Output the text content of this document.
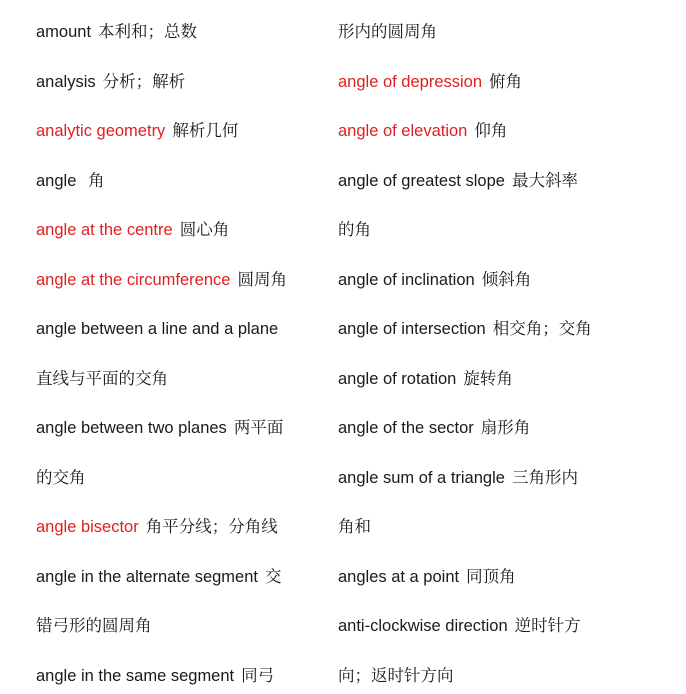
amount 本利和；总数
analysis 分析；解析
analytic geometry 解析几何
angle 角
angle at the centre 圆心角
angle at the circumference 圆周角
angle between a line and a plane
直线与平面的交角
angle between two planes 两平面
的交角
angle bisector 角平分线；分角线
angle in the alternate segment 交
错弓形的圆周角
angle in the same segment 同弓
形内的圆周角
angle of depression 俯角
angle of elevation 仰角
angle of greatest slope 最大斜率
的角
angle of inclination 倾斜角
angle of intersection 相交角；交角
angle of rotation 旋转角
angle of the sector 扇形角
angle sum of a triangle 三角形内
角和
angles at a point 同顶角
anti-clockwise direction 逆时针方
向；返时针方向
